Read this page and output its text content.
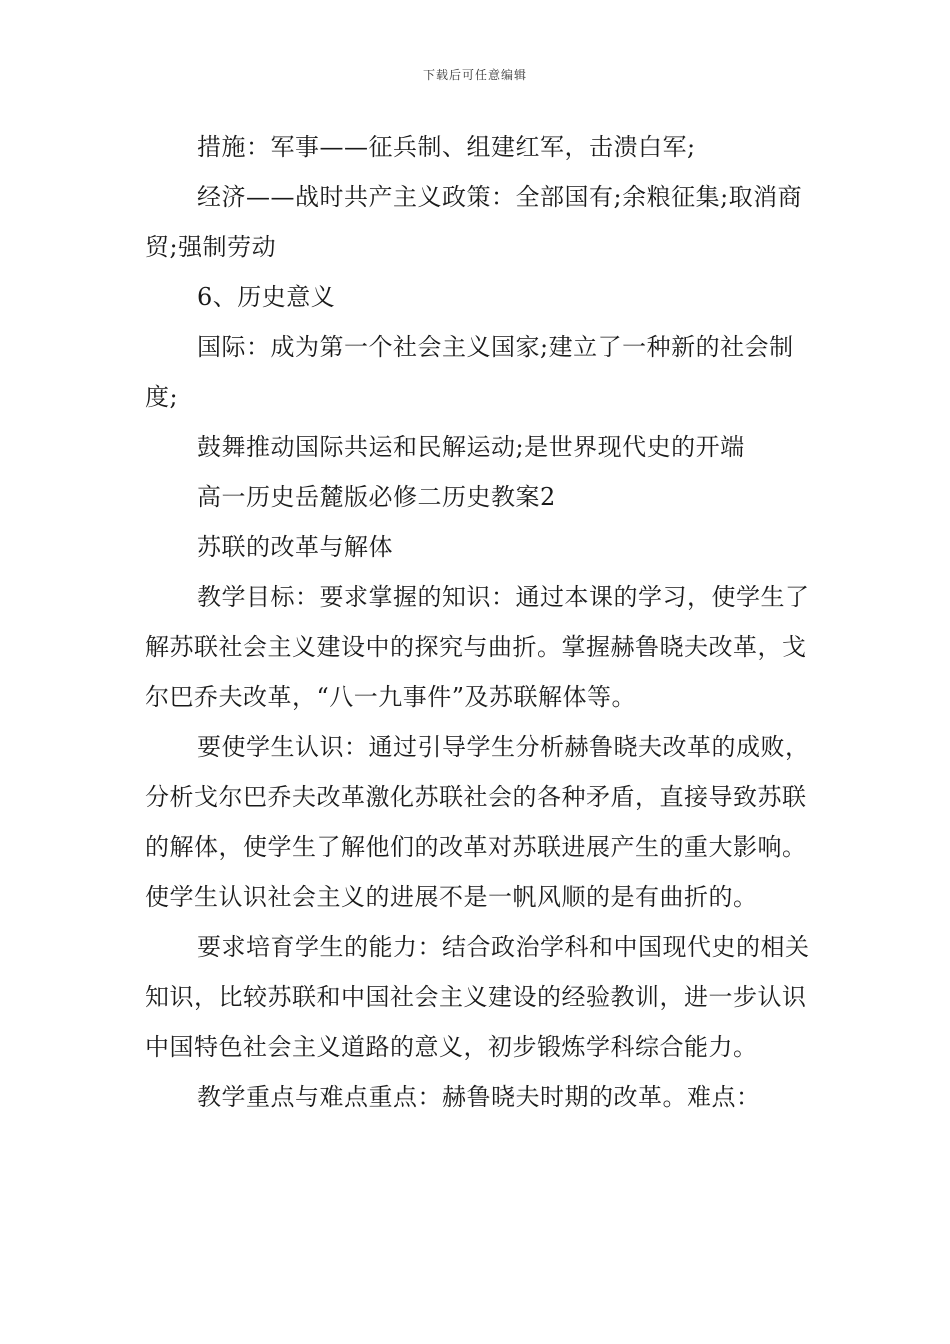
下载后可任意编辑

措施：军事——征兵制、组建红军，击溃白军;

经济——战时共产主义政策：全部国有;余粮征集;取消商贸;强制劳动

6、历史意义

国际：成为第一个社会主义国家;建立了一种新的社会制度;

鼓舞推动国际共运和民解运动;是世界现代史的开端

高一历史岳麓版必修二历史教案2

苏联的改革与解体

教学目标：要求掌握的知识：通过本课的学习，使学生了解苏联社会主义建设中的探究与曲折。掌握赫鲁晓夫改革，戈尔巴乔夫改革，“八一九事件”及苏联解体等。

要使学生认识：通过引导学生分析赫鲁晓夫改革的成败，分析戈尔巴乔夫改革激化苏联社会的各种矛盾，直接导致苏联的解体，使学生了解他们的改革对苏联进展产生的重大影响。使学生认识社会主义的进展不是一帆风顺的是有曲折的。

要求培育学生的能力：结合政治学科和中国现代史的相关知识，比较苏联和中国社会主义建设的经验教训，进一步认识中国特色社会主义道路的意义，初步锻炼学科综合能力。

教学重点与难点重点：赫鲁晓夫时期的改革。难点：
